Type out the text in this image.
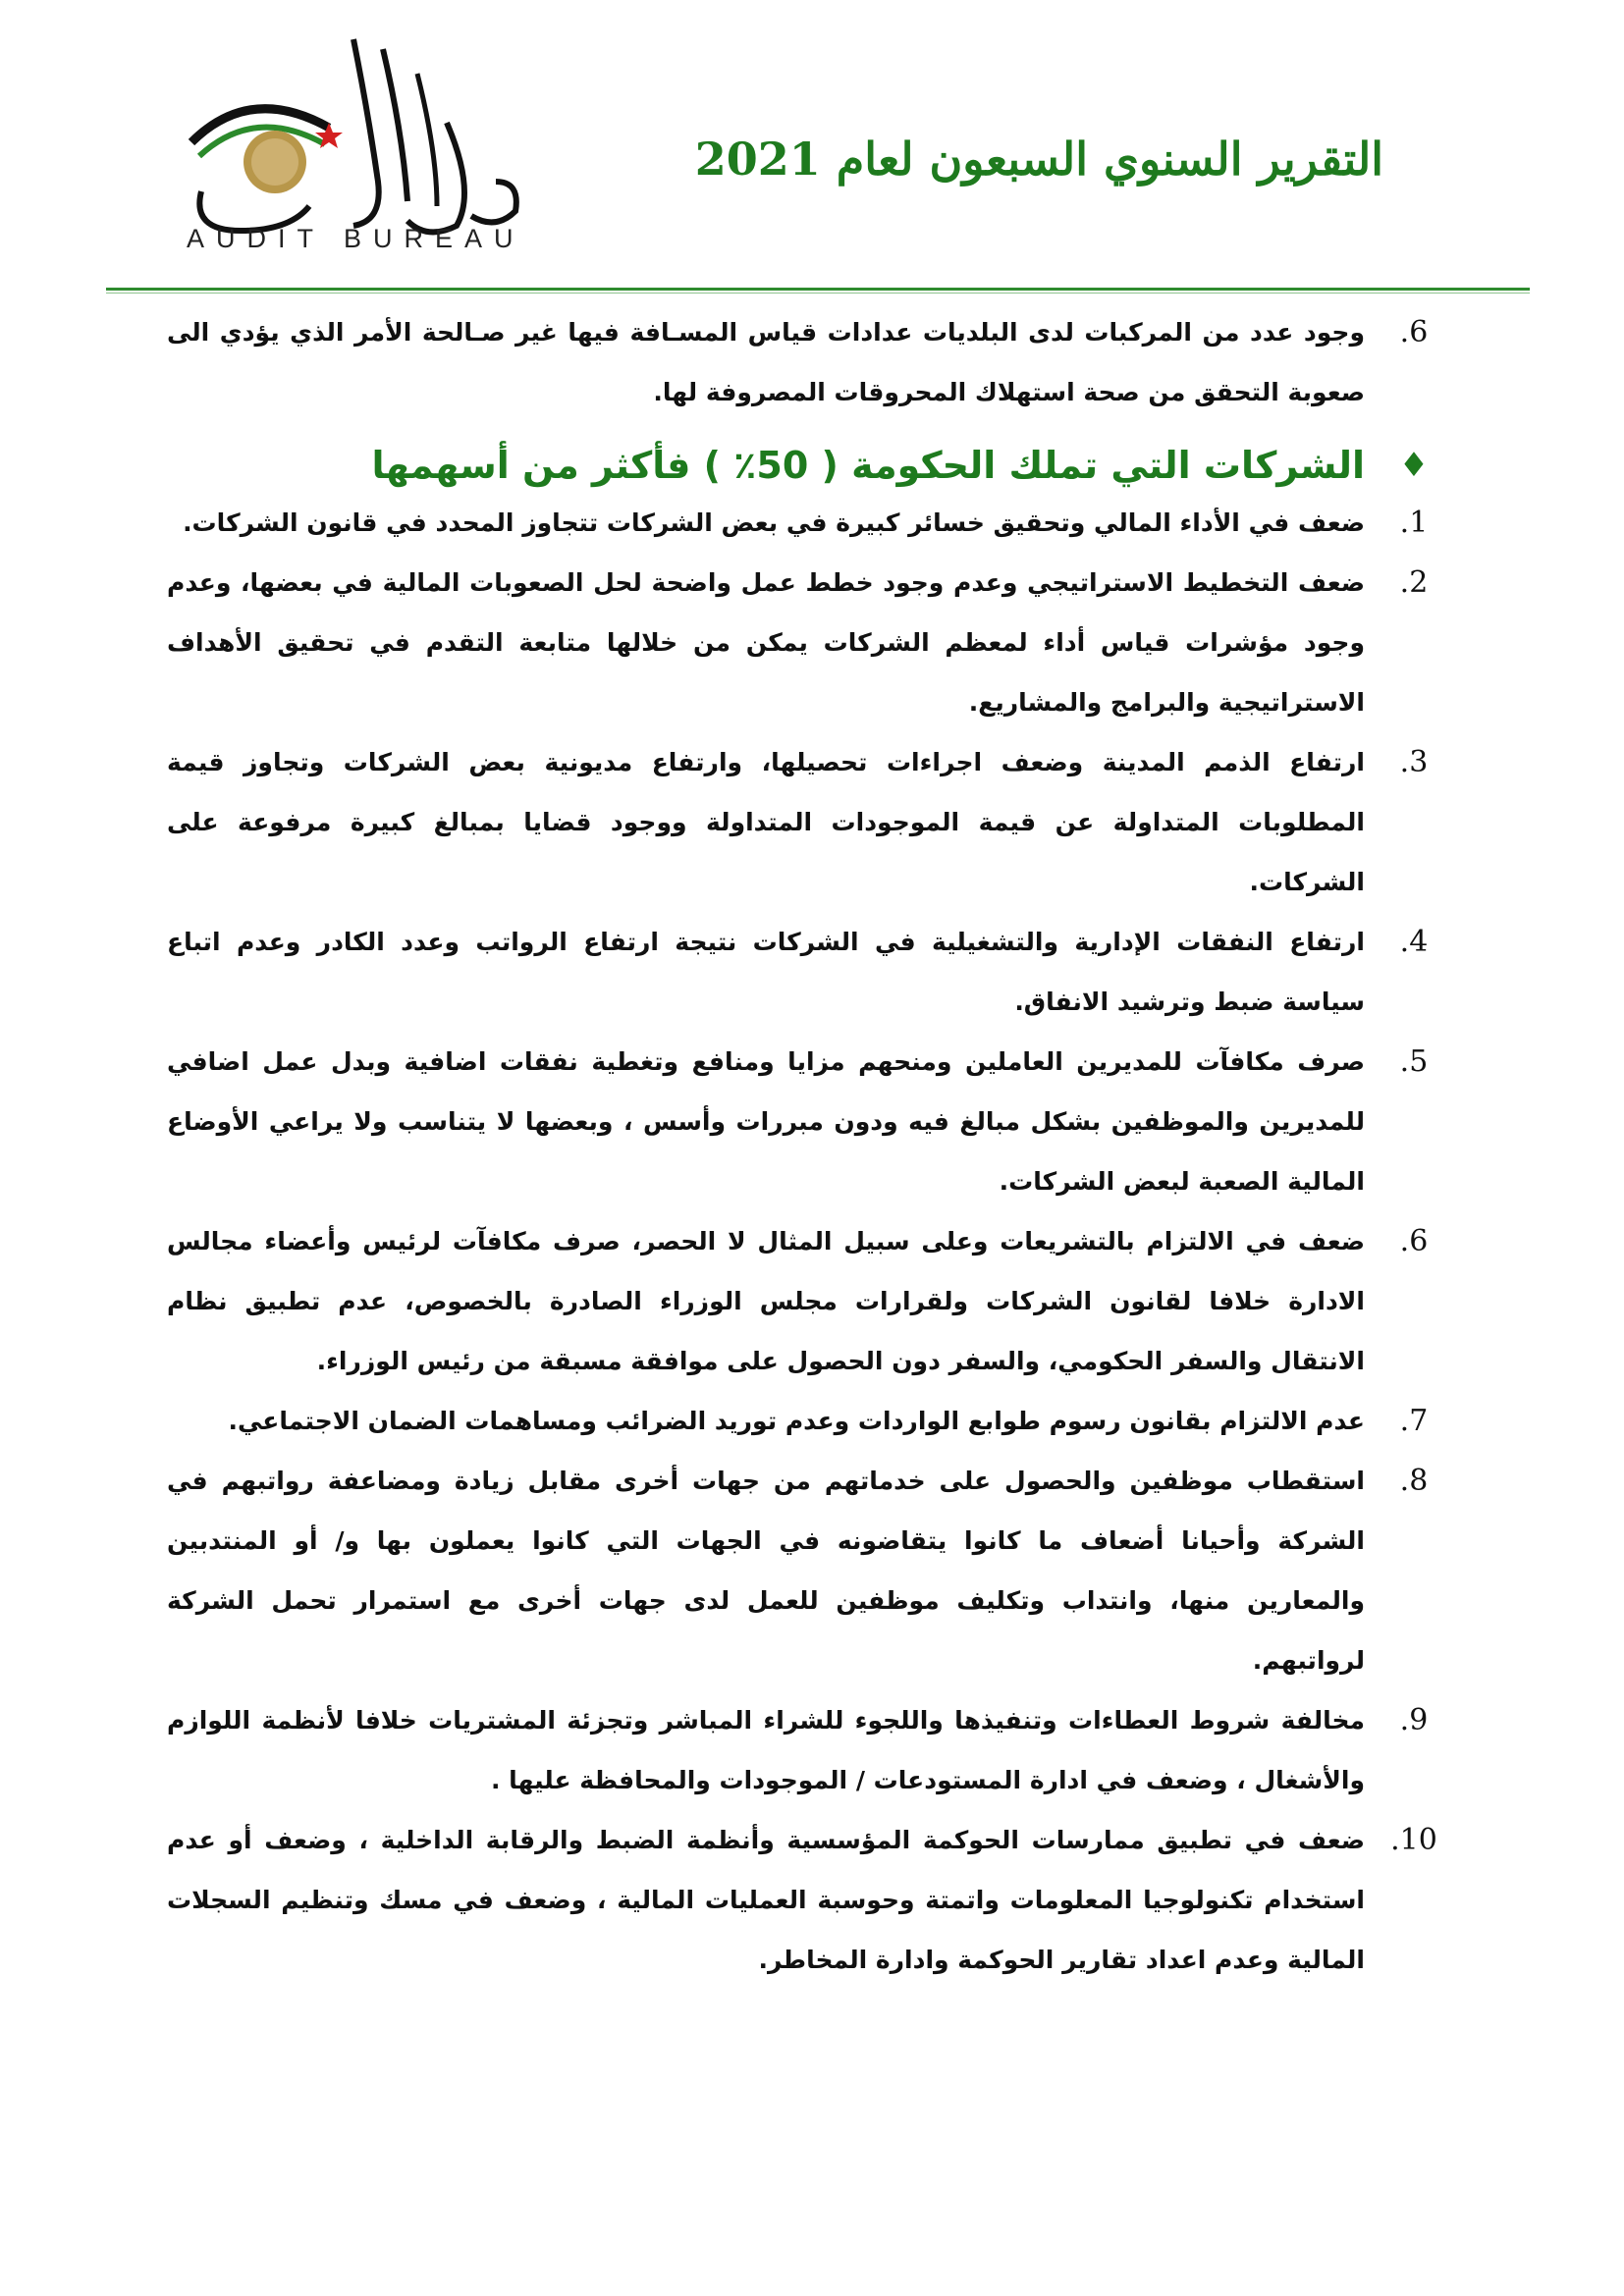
AUDIT BUREAU
التقرير السنوي السبعون لعام 2021
6.
وجود عدد من المركبات لدى البلديات عدادات قياس المسـافة فيها غير صـالحة الأمر الذي يؤدي الى صعوبة التحقق من صحة استهلاك المحروقات المصروفة لها.
♦
الشركات التي تملك الحكومة ( 50٪ ) فأكثر من أسهمها
1.
ضعف في الأداء المالي وتحقيق خسائر كبيرة في بعض الشركات تتجاوز المحدد في قانون الشركات.
2.
ضعف التخطيط الاستراتيجي وعدم وجود خطط عمل واضحة لحل الصعوبات المالية في بعضها، وعدم وجود مؤشرات قياس أداء لمعظم الشركات يمكن من خلالها متابعة التقدم في تحقيق الأهداف الاستراتيجية والبرامج والمشاريع.
3.
ارتفاع الذمم المدينة وضعف اجراءات تحصيلها، وارتفاع مديونية بعض الشركات وتجاوز قيمة المطلوبات المتداولة عن قيمة الموجودات المتداولة ووجود قضايا بمبالغ كبيرة مرفوعة على الشركات.
4.
ارتفاع النفقات الإدارية والتشغيلية في الشركات نتيجة ارتفاع الرواتب وعدد الكادر وعدم اتباع سياسة ضبط وترشيد الانفاق.
5.
صرف مكافآت للمديرين العاملين ومنحهم مزايا ومنافع وتغطية نفقات اضافية وبدل عمل اضافي للمديرين والموظفين بشكل مبالغ فيه ودون مبررات وأسس ، وبعضها لا يتناسب ولا يراعي الأوضاع المالية الصعبة لبعض الشركات.
6.
ضعف في الالتزام بالتشريعات وعلى سبيل المثال لا الحصر، صرف مكافآت لرئيس وأعضاء مجالس الادارة خلافا لقانون الشركات ولقرارات مجلس الوزراء الصادرة بالخصوص، عدم تطبيق نظام الانتقال والسفر الحكومي، والسفر دون الحصول على موافقة مسبقة من رئيس الوزراء.
7.
عدم الالتزام بقانون رسوم طوابع الواردات وعدم توريد الضرائب ومساهمات الضمان الاجتماعي.
8.
استقطاب موظفين والحصول على خدماتهم من جهات أخرى مقابل زيادة ومضاعفة رواتبهم في الشركة وأحيانا أضعاف ما كانوا يتقاضونه في الجهات التي كانوا يعملون بها و/ أو المنتدبين والمعارين منها، وانتداب وتكليف موظفين للعمل لدى جهات أخرى مع استمرار تحمل الشركة لرواتبهم.
9.
مخالفة شروط العطاءات وتنفيذها واللجوء للشراء المباشر وتجزئة المشتريات خلافا لأنظمة اللوازم والأشغال ، وضعف في ادارة المستودعات / الموجودات والمحافظة عليها .
10.
ضعف في تطبيق ممارسات الحوكمة المؤسسية وأنظمة الضبط والرقابة الداخلية ، وضعف أو عدم استخدام تكنولوجيا المعلومات واتمتة وحوسبة العمليات المالية ، وضعف في مسك وتنظيم السجلات المالية وعدم اعداد تقارير الحوكمة وادارة المخاطر.
